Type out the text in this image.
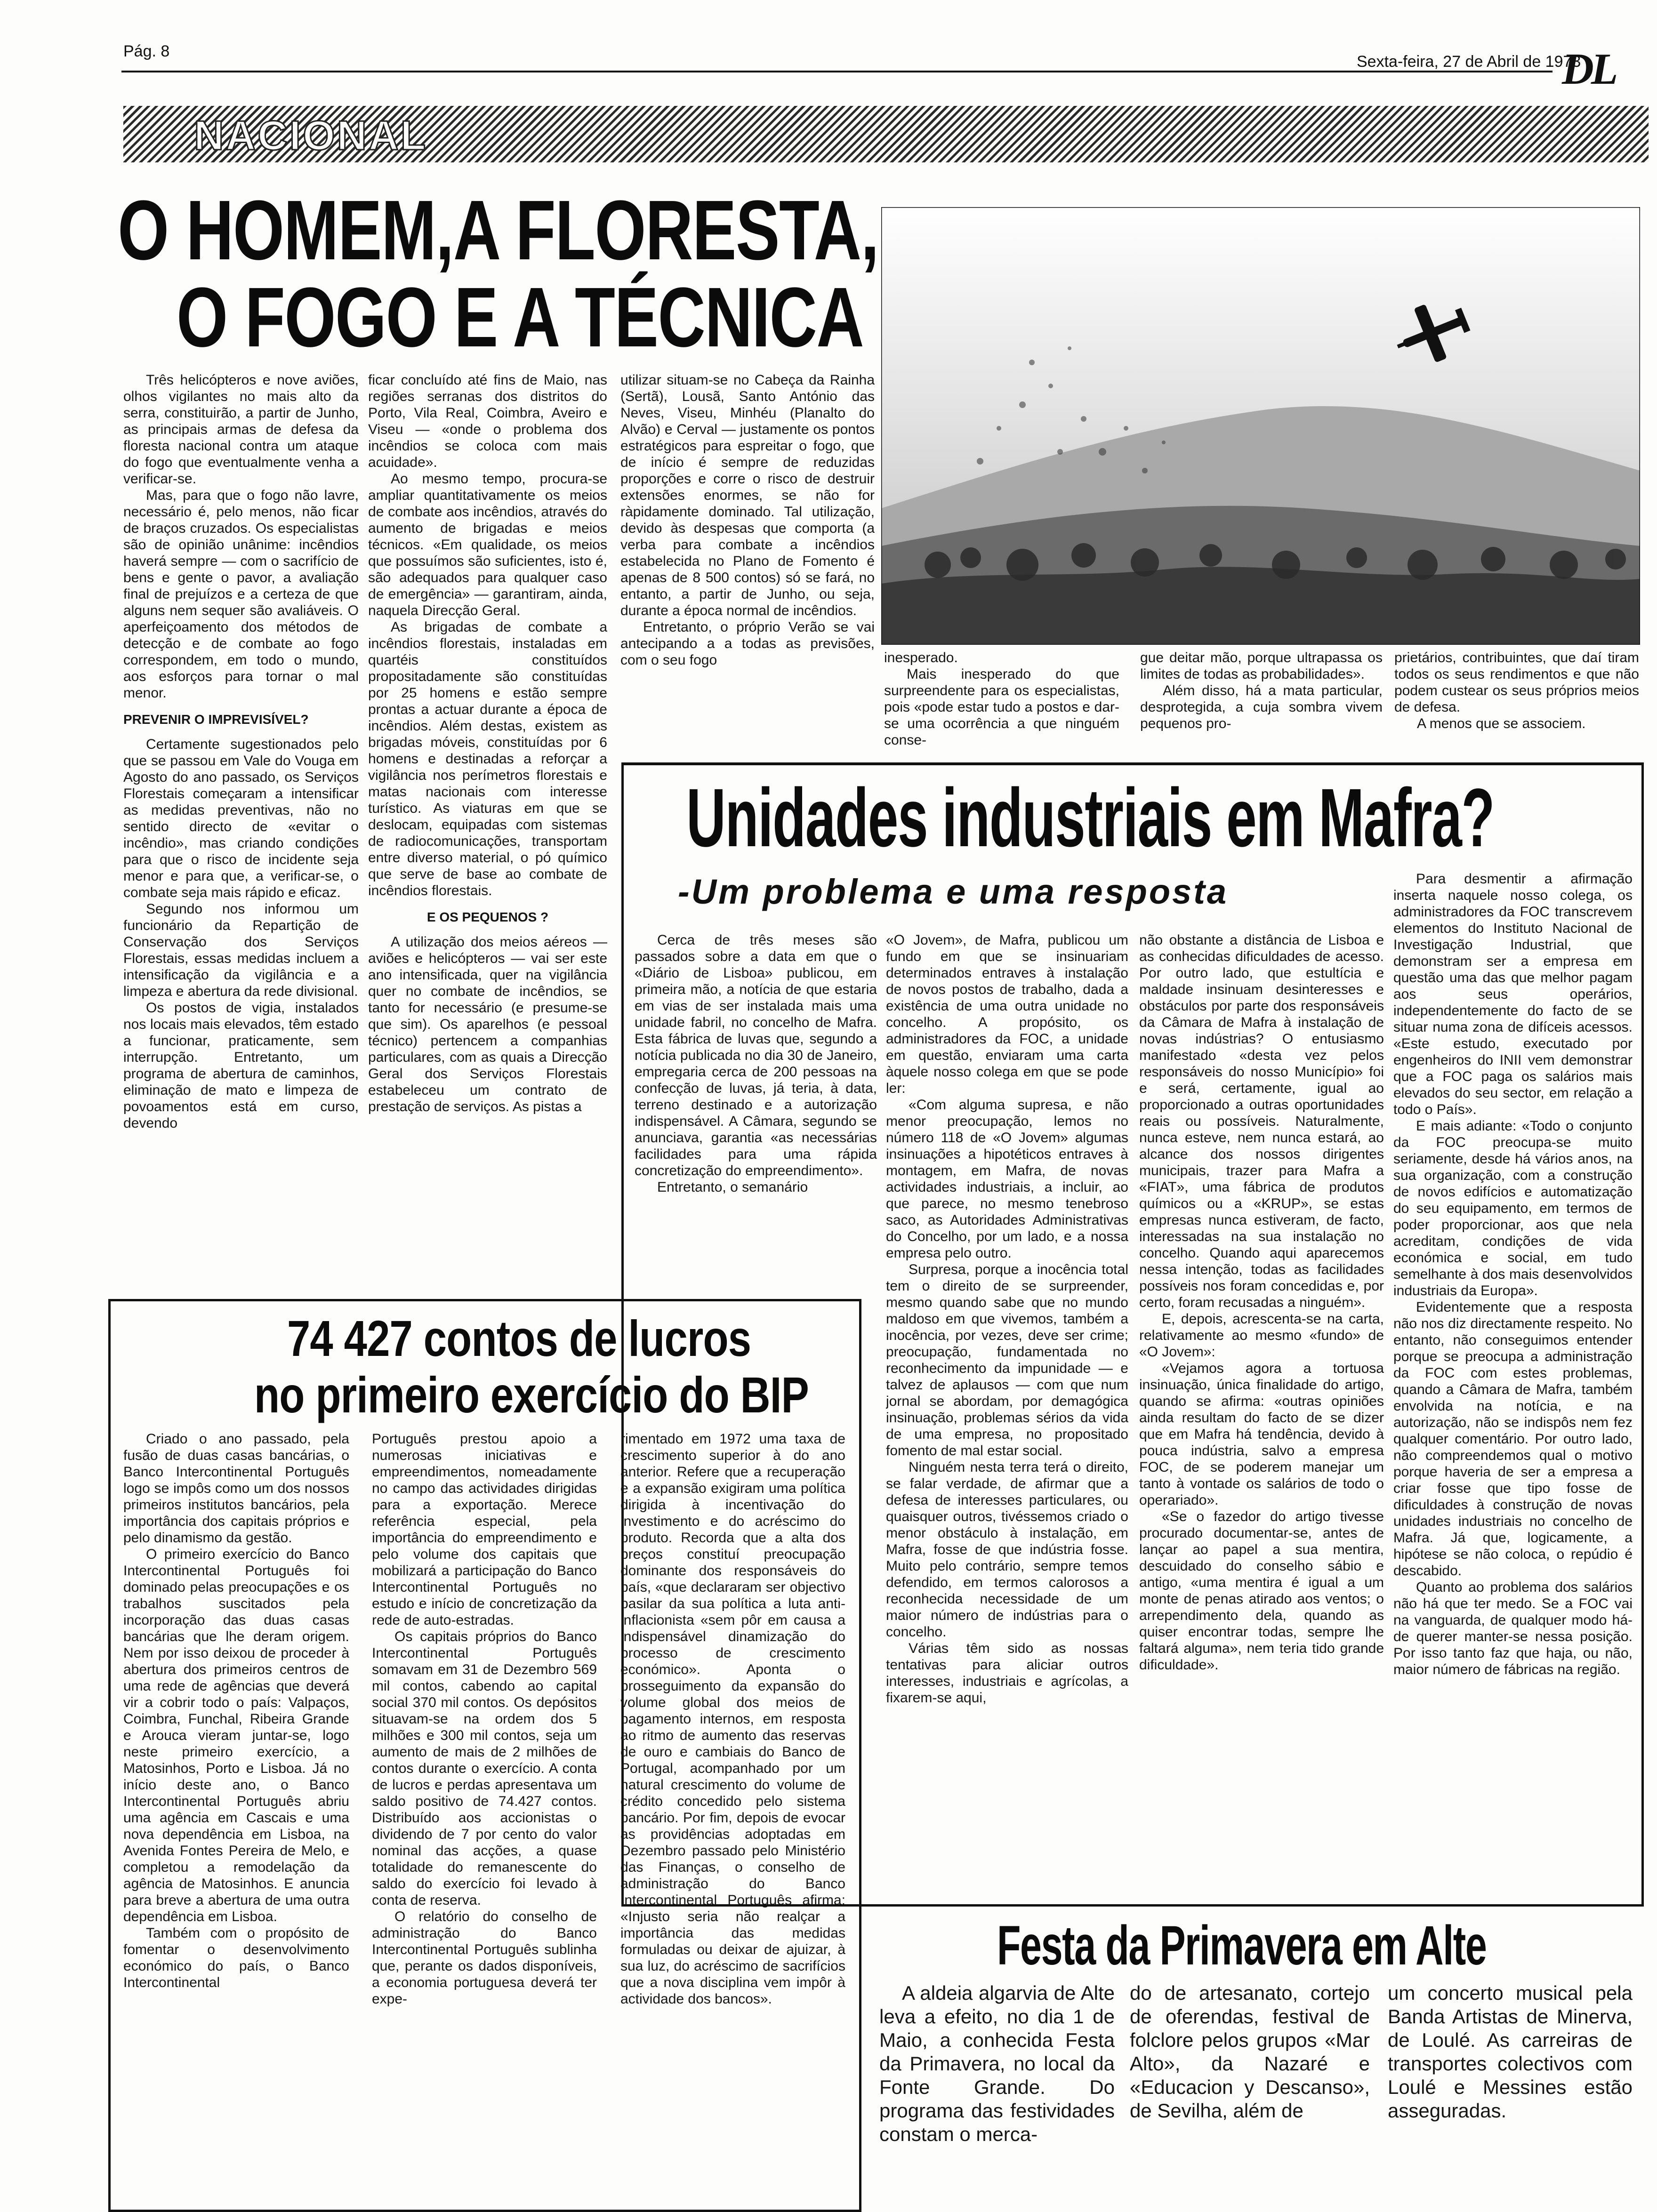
Pág. 8
Sexta-feira, 27 de Abril de 1973
DL
NACIONAL
O HOMEM,A FLORESTA,
O FOGO E A TÉCNICA

Três helicópteros e nove aviões, olhos vigilantes no mais alto da serra, constituirão, a partir de Junho, as principais armas de defesa da floresta nacional contra um ataque do fogo que eventualmente venha a verificar-se.

Mas, para que o fogo não lavre, necessário é, pelo menos, não ficar de braços cruzados. Os especialistas são de opinião unânime: incêndios haverá sempre — com o sacrifício de bens e gente o pavor, a avaliação final de prejuízos e a certeza de que alguns nem sequer são avaliáveis. O aperfeiçoamento dos métodos de detecção e de combate ao fogo correspondem, em todo o mundo, aos esforços para tornar o mal menor.

PREVENIR O IMPREVISÍVEL?

Certamente sugestionados pelo que se passou em Vale do Vouga em Agosto do ano passado, os Serviços Florestais começaram a intensificar as medidas preventivas, não no sentido directo de «evitar o incêndio», mas criando condições para que o risco de incidente seja menor e para que, a verificar-se, o combate seja mais rápido e eficaz.

Segundo nos informou um funcionário da Repartição de Conservação dos Serviços Florestais, essas medidas incluem a intensificação da vigilância e a limpeza e abertura da rede divisional.

Os postos de vigia, instalados nos locais mais elevados, têm estado a funcionar, praticamente, sem interrupção. Entretanto, um programa de abertura de caminhos, eliminação de mato e limpeza de povoamentos está em curso, devendo

ficar concluído até fins de Maio, nas regiões serranas dos distritos do Porto, Vila Real, Coimbra, Aveiro e Viseu — «onde o problema dos incêndios se coloca com mais acuidade».

Ao mesmo tempo, procura-se ampliar quantitativamente os meios de combate aos incêndios, através do aumento de brigadas e meios técnicos. «Em qualidade, os meios que possuímos são suficientes, isto é, são adequados para qualquer caso de emergência» — garantiram, ainda, naquela Direcção Geral.

As brigadas de combate a incêndios florestais, instaladas em quartéis constituídos propositadamente são constituídas por 25 homens e estão sempre prontas a actuar durante a época de incêndios. Além destas, existem as brigadas móveis, constituídas por 6 homens e destinadas a reforçar a vigilância nos perímetros florestais e matas nacionais com interesse turístico. As viaturas em que se deslocam, equipadas com sistemas de radiocomunicações, transportam entre diverso material, o pó químico que serve de base ao combate de incêndios florestais.

E OS PEQUENOS ?

A utilização dos meios aéreos — aviões e helicópteros — vai ser este ano intensificada, quer na vigilância quer no combate de incêndios, se tanto for necessário (e presume-se que sim). Os aparelhos (e pessoal técnico) pertencem a companhias particulares, com as quais a Direcção Geral dos Serviços Florestais estabeleceu um contrato de prestação de serviços. As pistas a

utilizar situam-se no Cabeça da Rainha (Sertã), Lousã, Santo António das Neves, Viseu, Minhéu (Planalto do Alvão) e Cerval — justamente os pontos estratégicos para espreitar o fogo, que de início é sempre de reduzidas proporções e corre o risco de destruir extensões enormes, se não for ràpidamente dominado. Tal utilização, devido às despesas que comporta (a verba para combate a incêndios estabelecida no Plano de Fomento é apenas de 8 500 contos) só se fará, no entanto, a partir de Junho, ou seja, durante a época normal de incêndios.

Entretanto, o próprio Verão se vai antecipando a a todas as previsões, com o seu fogo	inesperado.

Mais inesperado do que surpreendente para os especialistas, pois «pode estar tudo a postos e dar-se uma ocorrência a que ninguém conse-

gue deitar mão, porque ultrapassa os limites de todas as probabilidades».

Além disso, há a mata particular, desprotegida, a cuja sombra vivem pequenos pro-

prietários, contribuintes, que daí tiram todos os seus rendimentos e que não podem custear os seus próprios meios de defesa.

A menos que se associem.

Unidades industriais em Mafra?
-Um problema e uma resposta

Cerca de três meses são passados sobre a data em que o «Diário de Lisboa» publicou, em primeira mão, a notícia de que estaria em vias de ser instalada mais uma unidade fabril, no concelho de Mafra. Esta fábrica de luvas que, segundo a notícia publicada no dia 30 de Janeiro, empregaria cerca de 200 pessoas na confecção de luvas, já teria, à data, terreno destinado e a autorização indispensável. A Câmara, segundo se anunciava, garantia «as necessárias facilidades para uma rápida concretização do empreendimento».

Entretanto, o semanário

«O Jovem», de Mafra, publicou um fundo em que se insinuariam determinados entraves à instalação de novos postos de trabalho, dada a existência de uma outra unidade no concelho. A propósito, os administradores da FOC, a unidade em questão, enviaram uma carta àquele nosso colega em que se pode ler:

«Com alguma supresa, e não menor preocupação, lemos no número 118 de «O Jovem» algumas insinuações a hipotéticos entraves à montagem, em Mafra, de novas actividades industriais, a incluir, ao que parece, no mesmo tenebroso saco, as Autoridades Administrativas do Concelho, por um lado, e a nossa empresa pelo outro.

Surpresa, porque a inocência total tem o direito de se surpreender, mesmo quando sabe que no mundo maldoso em que vivemos, também a inocência, por vezes, deve ser crime; preocupação, fundamentada no reconhecimento da impunidade — e talvez de aplausos — com que num jornal se abordam, por demagógica insinuação, problemas sérios da vida de uma empresa, no propositado fomento de mal estar social.

Ninguém nesta terra terá o direito, se falar verdade, de afirmar que a defesa de interesses particulares, ou quaisquer outros, tivéssemos criado o menor obstáculo à instalação, em Mafra, fosse de que indústria fosse. Muito pelo contrário, sempre temos defendido, em termos calorosos a reconhecida necessidade de um maior número de indústrias para o concelho.

Várias têm sido as nossas tentativas para aliciar outros interesses, industriais e agrícolas, a fixarem-se aqui,

não obstante a distância de Lisboa e as conhecidas dificuldades de acesso. Por outro lado, que estultícia e maldade insinuam desinteresses e obstáculos por parte dos responsáveis da Câmara de Mafra à instalação de novas indústrias? O entusiasmo manifestado «desta vez pelos responsáveis do nosso Município» foi e será, certamente, igual ao proporcionado a outras oportunidades reais ou possíveis. Naturalmente, nunca esteve, nem nunca estará, ao alcance dos nossos dirigentes municipais, trazer para Mafra a «FIAT», uma fábrica de produtos químicos ou a «KRUP», se estas empresas nunca estiveram, de facto, interessadas na sua instalação no concelho. Quando aqui aparecemos nessa intenção, todas as facilidades possíveis nos foram concedidas e, por certo, foram recusadas a ninguém».

E, depois, acrescenta-se na carta, relativamente ao mesmo «fundo» de «O Jovem»:

«Vejamos agora a tortuosa insinuação, única finalidade do artigo, quando se afirma: «outras opiniões ainda resultam do facto de se dizer que em Mafra há tendência, devido à pouca indústria, salvo a empresa FOC, de se poderem manejar um tanto à vontade os salários de todo o operariado».

«Se o fazedor do artigo tivesse procurado documentar-se, antes de lançar ao papel a sua mentira, descuidado do conselho sábio e antigo, «uma mentira é igual a um monte de penas atirado aos ventos; o arrependimento dela, quando as quiser encontrar todas, sempre lhe faltará alguma», nem teria tido grande dificuldade».

Para desmentir a afirmação inserta naquele nosso colega, os administradores da FOC transcrevem elementos do Instituto Nacional de Investigação Industrial, que demonstram ser a empresa em questão uma das que melhor pagam aos seus operários, independentemente do facto de se situar numa zona de difíceis acessos. «Este estudo, executado por engenheiros do INII vem demonstrar que a FOC paga os salários mais elevados do seu sector, em relação a todo o País».

E mais adiante: «Todo o conjunto da FOC preocupa-se muito seriamente, desde há vários anos, na sua organização, com a construção de novos edifícios e automatização do seu equipamento, em termos de poder proporcionar, aos que nela acreditam, condições de vida económica e social, em tudo semelhante à dos mais desenvolvidos industriais da Europa».

Evidentemente que a resposta não nos diz directamente respeito. No entanto, não conseguimos entender porque se preocupa a administração da FOC com estes problemas, quando a Câmara de Mafra, também envolvida na notícia, e na autorização, não se indispôs nem fez qualquer comentário. Por outro lado, não compreendemos qual o motivo porque haveria de ser a empresa a criar fosse que tipo fosse de dificuldades à construção de novas unidades industriais no concelho de Mafra. Já que, logicamente, a hipótese se não coloca, o repúdio é descabido.

Quanto ao problema dos salários não há que ter medo. Se a FOC vai na vanguarda, de qualquer modo há-de querer manter-se nessa posição. Por isso tanto faz que haja, ou não, maior número de fábricas na região.

74 427 contos de lucros
no primeiro exercício do BIP

Criado o ano passado, pela fusão de duas casas bancárias, o Banco Intercontinental Português logo se impôs como um dos nossos primeiros institutos bancários, pela importância dos capitais próprios e pelo dinamismo da gestão.

O primeiro exercício do Banco Intercontinental Português foi dominado pelas preocupações e os trabalhos suscitados pela incorporação das duas casas bancárias que lhe deram origem. Nem por isso deixou de proceder à abertura dos primeiros centros de uma rede de agências que deverá vir a cobrir todo o país: Valpaços, Coimbra, Funchal, Ribeira Grande e Arouca vieram juntar-se, logo neste primeiro exercício, a Matosinhos, Porto e Lisboa. Já no início deste ano, o Banco Intercontinental Português abriu uma agência em Cascais e uma nova dependência em Lisboa, na Avenida Fontes Pereira de Melo, e completou a remodelação da agência de Matosinhos. E anuncia para breve a abertura de uma outra dependência em Lisboa.

Também com o propósito de fomentar o desenvolvimento económico do país, o Banco Intercontinental

Português prestou apoio a numerosas iniciativas e empreendimentos, nomeadamente no campo das actividades dirigidas para a exportação. Merece referência especial, pela importância do empreendimento e pelo volume dos capitais que mobilizará a participação do Banco Intercontinental Português no estudo e início de concretização da rede de auto-estradas.

Os capitais próprios do Banco Intercontinental Português somavam em 31 de Dezembro 569 mil contos, cabendo ao capital social 370 mil contos. Os depósitos situavam-se na ordem dos 5 milhões e 300 mil contos, seja um aumento de mais de 2 milhões de contos durante o exercício. A conta de lucros e perdas apresentava um saldo positivo de 74.427 contos. Distribuído aos accionistas o dividendo de 7 por cento do valor nominal das acções, a quase totalidade do remanescente do saldo do exercício foi levado à conta de reserva.

O relatório do conselho de administração do Banco Intercontinental Português sublinha que, perante os dados disponíveis, a economia portuguesa deverá ter expe-

rimentado em 1972 uma taxa de crescimento superior à do ano anterior. Refere que a recuperação e a expansão exigiram uma política dirigida à incentivação do investimento e do acréscimo do produto. Recorda que a alta dos preços constituí preocupação dominante dos responsáveis do país, «que declararam ser objectivo basilar da sua política a luta anti-inflacionista «sem pôr em causa a indispensável dinamização do processo de crescimento económico». Aponta o prosseguimento da expansão do volume global dos meios de pagamento internos, em resposta ao ritmo de aumento das reservas de ouro e cambiais do Banco de Portugal, acompanhado por um natural crescimento do volume de crédito concedido pelo sistema bancário. Por fim, depois de evocar as providências adoptadas em Dezembro passado pelo Ministério das Finanças, o conselho de administração do Banco Intercontinental Português afirma: «Injusto seria não realçar a importância das medidas formuladas ou deixar de ajuizar, à sua luz, do acréscimo de sacrifícios que a nova disciplina vem impôr à actividade dos bancos».

Festa da Primavera em Alte

A aldeia algarvia de Alte leva a efeito, no dia 1 de Maio, a conhecida Festa da Primavera, no local da Fonte Grande. Do programa das festividades constam o merca-

do de artesanato, cortejo de oferendas, festival de folclore pelos grupos «Mar Alto», da Nazaré e «Educacion y Descanso», de Sevilha, além de

um concerto musical pela Banda Artistas de Minerva, de Loulé. As carreiras de transportes colectivos com Loulé e Messines estão asseguradas.
